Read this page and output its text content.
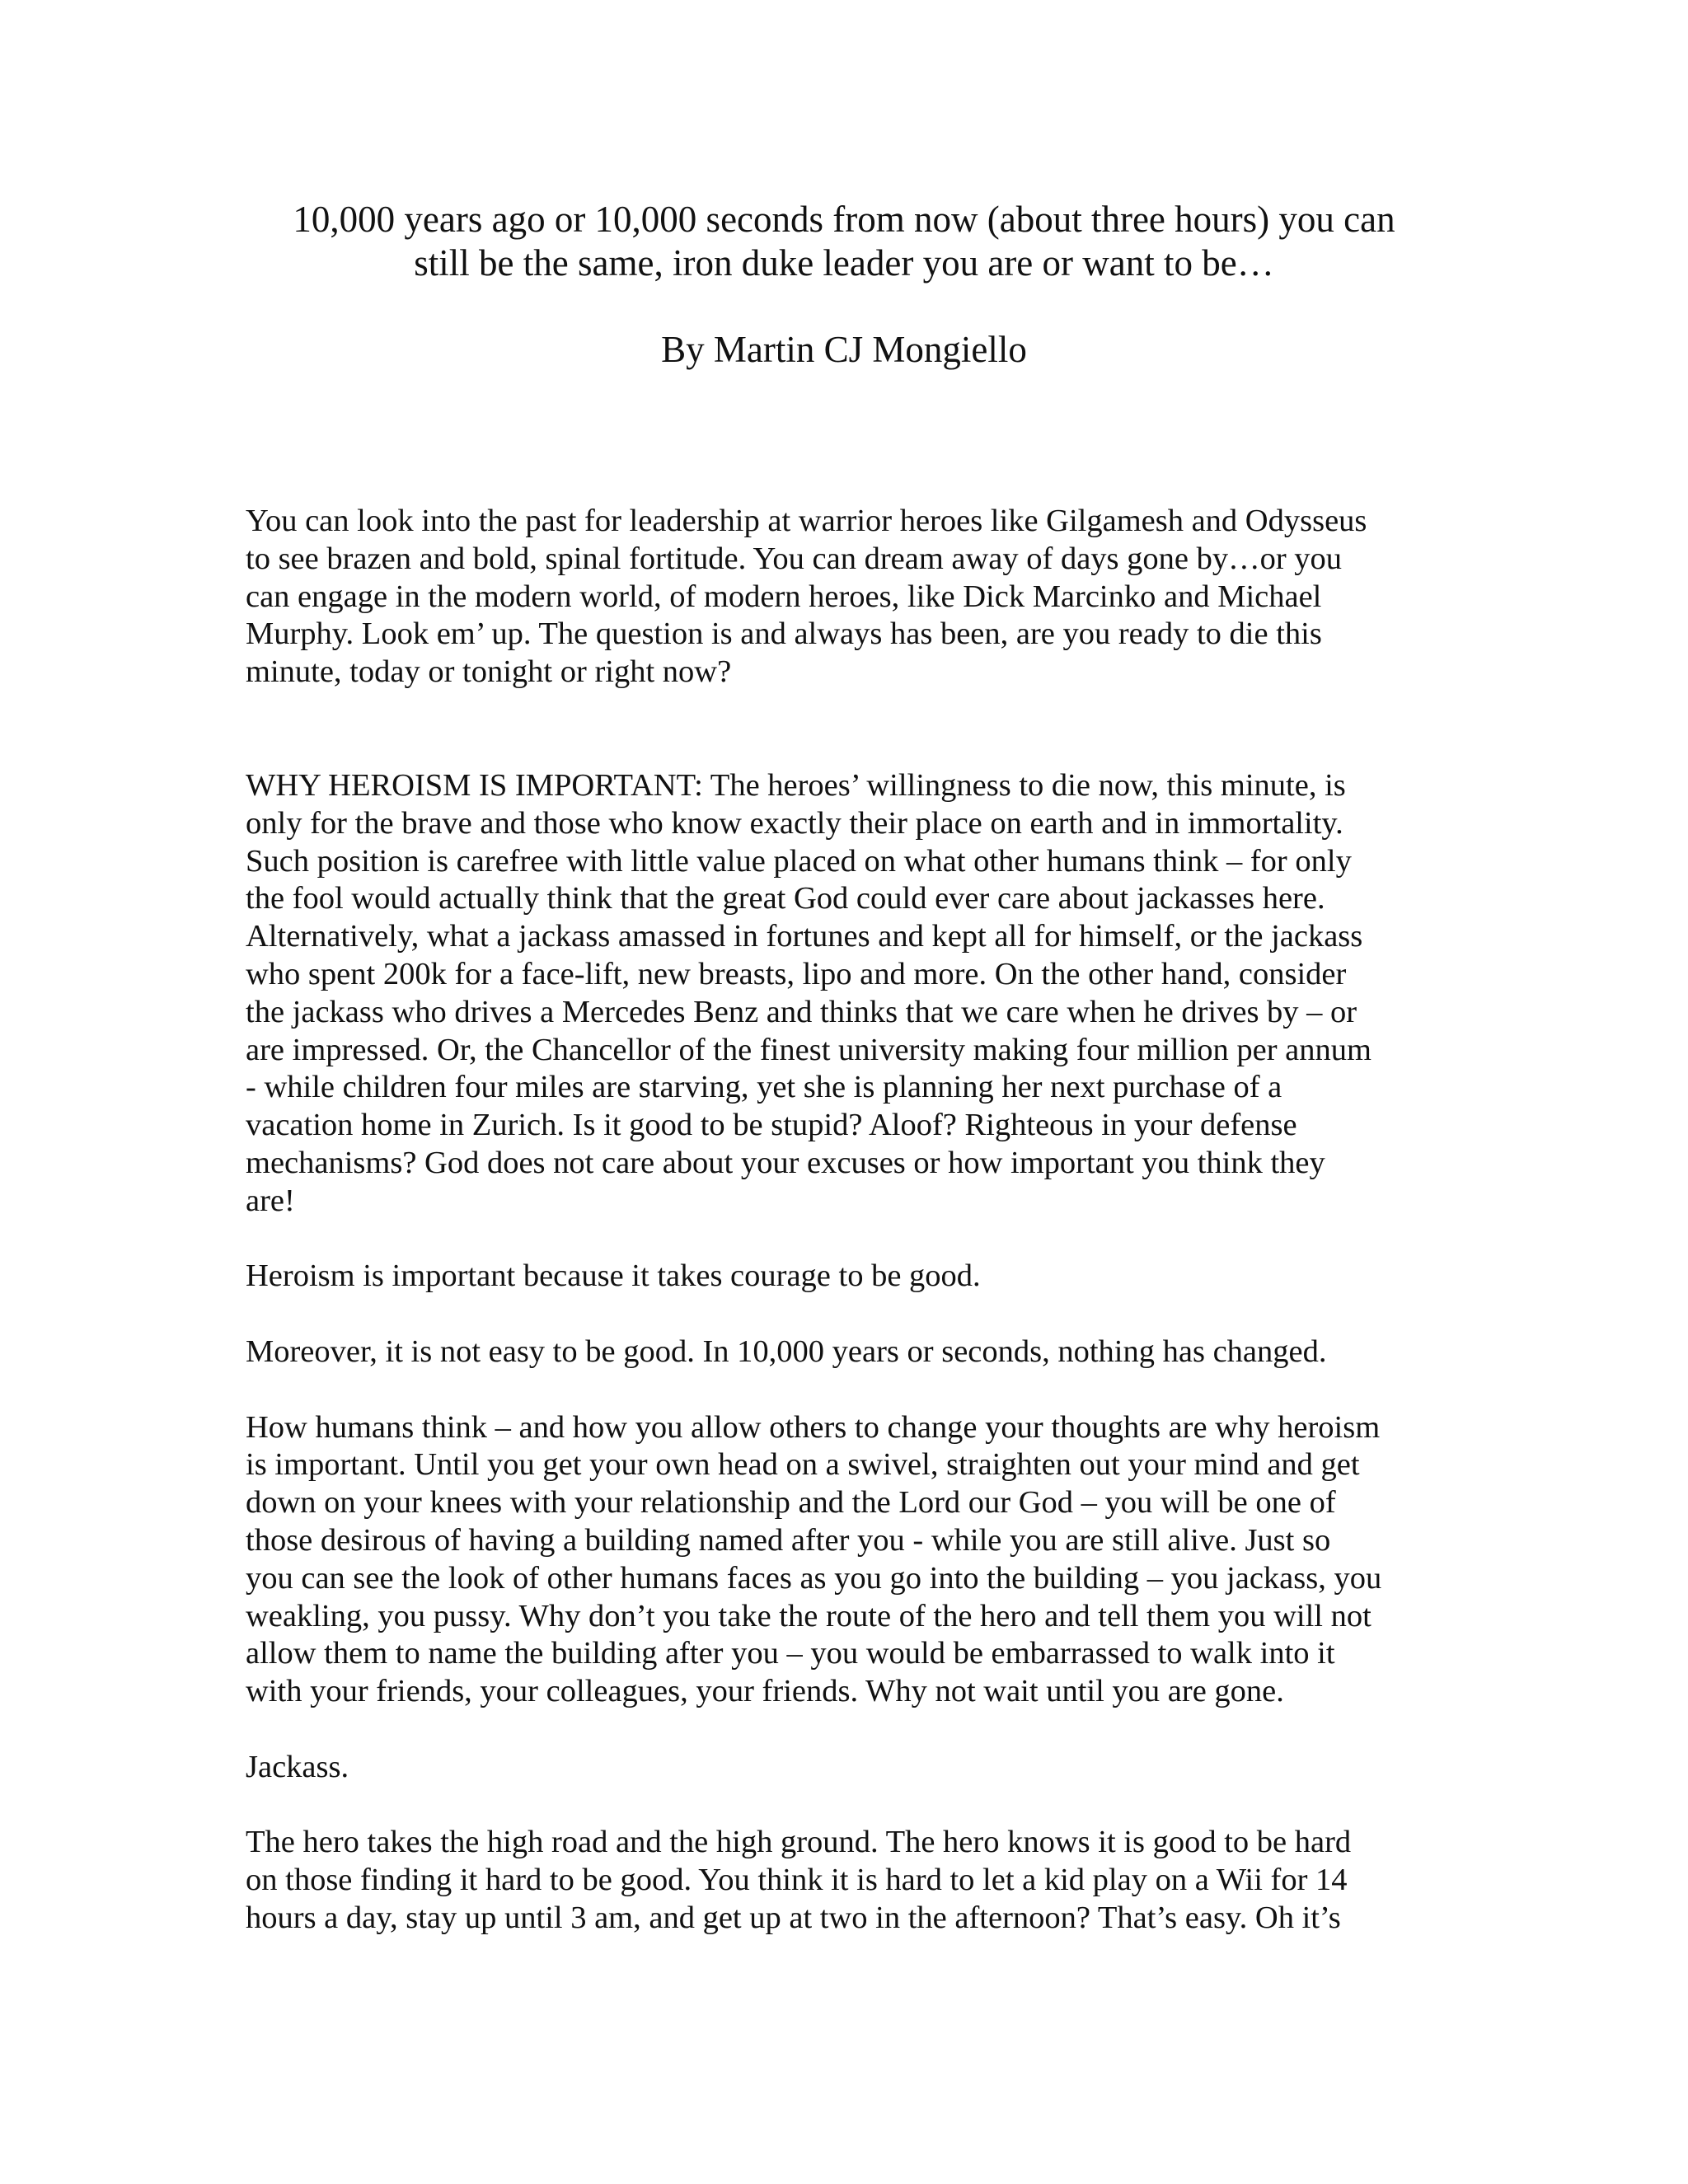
10,000 years ago or 10,000 seconds from now (about three hours) you can
still be the same, iron duke leader you are or want to be…
By Martin CJ Mongiello

You can look into the past for leadership at warrior heroes like Gilgamesh and Odysseus
to see brazen and bold, spinal fortitude. You can dream away of days gone by…or you
can engage in the modern world, of modern heroes, like Dick Marcinko and Michael
Murphy. Look em’ up. The question is and always has been, are you ready to die this
minute, today or tonight or right now?

WHY HEROISM IS IMPORTANT: The heroes’ willingness to die now, this minute, is
only for the brave and those who know exactly their place on earth and in immortality.
Such position is carefree with little value placed on what other humans think – for only
the fool would actually think that the great God could ever care about jackasses here.
Alternatively, what a jackass amassed in fortunes and kept all for himself, or the jackass
who spent 200k for a face-lift, new breasts, lipo and more. On the other hand, consider
the jackass who drives a Mercedes Benz and thinks that we care when he drives by – or
are impressed. Or, the Chancellor of the finest university making four million per annum
- while children four miles are starving, yet she is planning her next purchase of a
vacation home in Zurich. Is it good to be stupid? Aloof? Righteous in your defense
mechanisms? God does not care about your excuses or how important you think they
are!

Heroism is important because it takes courage to be good.

Moreover, it is not easy to be good. In 10,000 years or seconds, nothing has changed.

How humans think – and how you allow others to change your thoughts are why heroism
is important. Until you get your own head on a swivel, straighten out your mind and get
down on your knees with your relationship and the Lord our God – you will be one of
those desirous of having a building named after you - while you are still alive. Just so
you can see the look of other humans faces as you go into the building – you jackass, you
weakling, you pussy. Why don’t you take the route of the hero and tell them you will not
allow them to name the building after you – you would be embarrassed to walk into it
with your friends, your colleagues, your friends. Why not wait until you are gone.

Jackass.

The hero takes the high road and the high ground. The hero knows it is good to be hard
on those finding it hard to be good. You think it is hard to let a kid play on a Wii for 14
hours a day, stay up until 3 am, and get up at two in the afternoon? That’s easy. Oh it’s
